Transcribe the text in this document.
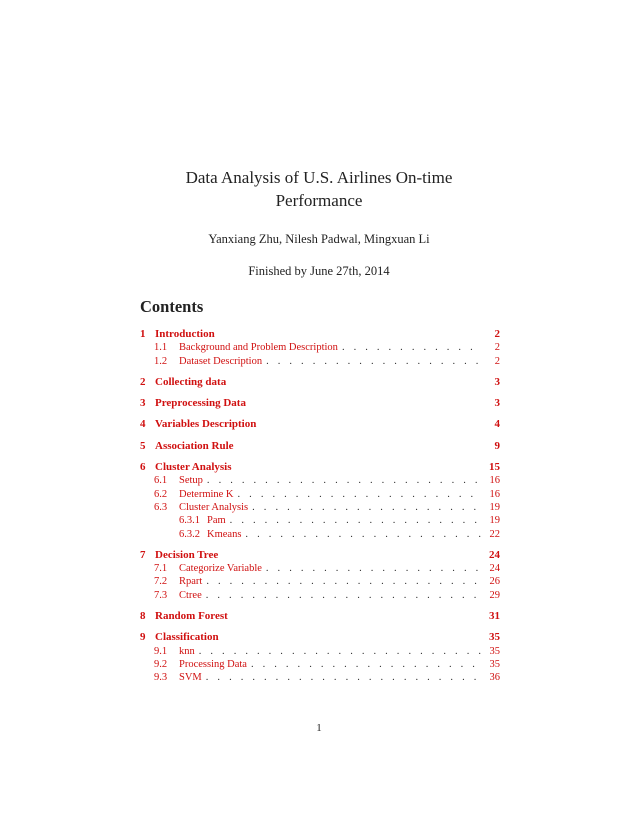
Data Analysis of U.S. Airlines On-time
Performance
Yanxiang Zhu, Nilesh Padwal, Mingxuan Li
Finished by June 27th, 2014
Contents
1 Introduction	2
1.1	Background and Problem Description . . .	2
1.2	Dataset Description . . .	2
2 Collecting data	3
3 Preprocessing Data	3
4 Variables Description	4
5 Association Rule	9
6 Cluster Analysis	15
6.1	Setup . . .	16
6.2	Determine K . . .	16
6.3	Cluster Analysis . . .	19
6.3.1 Pam . . .	19
6.3.2 Kmeans . . .	22
7 Decision Tree	24
7.1	Categorize Variable . . .	24
7.2	Rpart . . .	26
7.3	Ctree . . .	29
8 Random Forest	31
9 Classification	35
9.1	knn . . .	35
9.2	Processing Data . . .	35
9.3	SVM . . .	36
1
